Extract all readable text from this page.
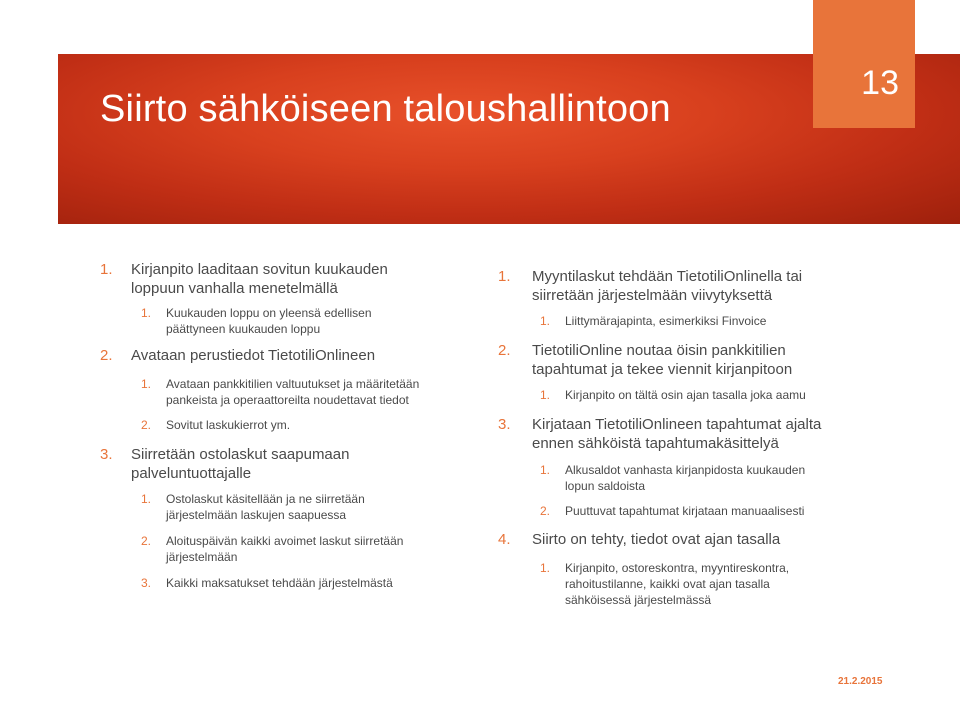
Siirto sähköiseen taloushallintoon
13
1. Kirjanpito laaditaan sovitun kuukauden
loppuun vanhalla menetelmällä
1. Kuukauden loppu on yleensä edellisen
päättyneen kuukauden loppu
2. Avataan perustiedot TietotiliOnlineen
1. Avataan pankkitilien valtuutukset ja määritetään
pankeista ja operaattoreilta noudettavat tiedot
2. Sovitut laskukierrot ym.
3. Siirretään ostolaskut saapumaan
palveluntuottajalle
1. Ostolaskut käsitellään ja ne siirretään
järjestelmään laskujen saapuessa
2. Aloituspäivän kaikki avoimet laskut siirretään
järjestelmään
3. Kaikki maksatukset tehdään järjestelmästä
1. Myyntilaskut tehdään TietotiliOnlinella tai
siirretään järjestelmään viivytyksettä
1. Liittymärajapinta, esimerkiksi Finvoice
2. TietotiliOnline noutaa öisin pankkitilien
tapahtumat ja tekee viennit kirjanpitoon
1. Kirjanpito on tältä osin ajan tasalla joka aamu
3. Kirjataan TietotiliOnlineen tapahtumat ajalta
ennen sähköistä tapahtumakäsittelyä
1. Alkusaldot vanhasta kirjanpidosta kuukauden
lopun saldoista
2. Puuttuvat tapahtumat kirjataan manuaalisesti
4. Siirto on tehty, tiedot ovat ajan tasalla
1. Kirjanpito, ostoreskontra, myyntireskontra,
rahoitustilanne, kaikki ovat ajan tasalla
sähköisessä järjestelmässä
21.2.2015
